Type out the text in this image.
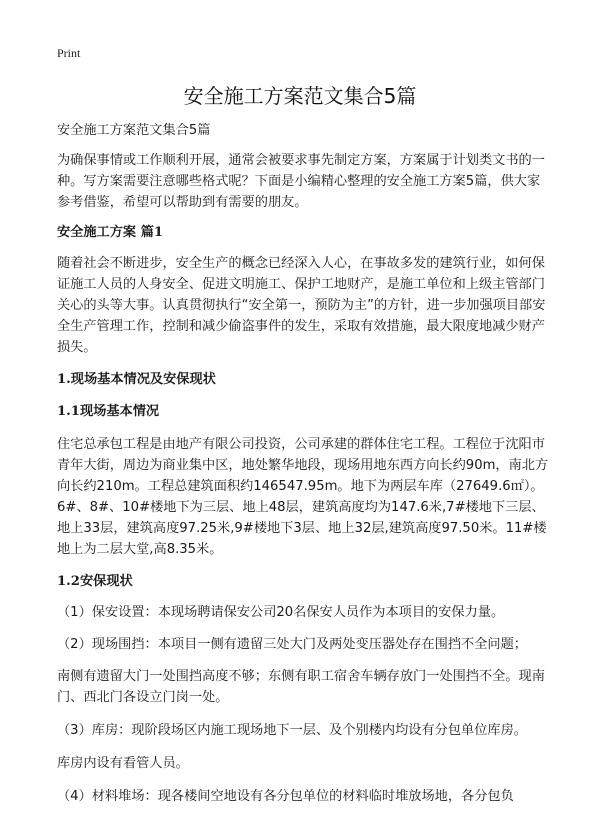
Print
安全施工方案范文集合5篇

安全施工方案范文集合5篇

为确保事情或工作顺利开展，通常会被要求事先制定方案，方案属于计划类文书的一种。写方案需要注意哪些格式呢？下面是小编精心整理的安全施工方案5篇，供大家参考借鉴，希望可以帮助到有需要的朋友。

安全施工方案 篇1

随着社会不断进步，安全生产的概念已经深入人心，在事故多发的建筑行业，如何保证施工人员的人身安全、促进文明施工、保护工地财产，是施工单位和上级主管部门关心的头等大事。认真贯彻执行“安全第一，预防为主”的方针，进一步加强项目部安全生产管理工作，控制和减少偷盗事件的发生，采取有效措施，最大限度地减少财产损失。

1.现场基本情况及安保现状

1.1现场基本情况

住宅总承包工程是由地产有限公司投资，公司承建的群体住宅工程。工程位于沈阳市青年大街，周边为商业集中区，地处繁华地段，现场用地东西方向长约90m，南北方向长约210m。工程总建筑面积约146547.95m。地下为两层车库（27649.6㎡）。6#、8#、10#楼地下为三层、地上48层，建筑高度均为147.6米,7#楼地下三层、地上33层，建筑高度97.25米,9#楼地下3层、地上32层,建筑高度97.50米。11#楼地上为二层大堂,高8.35米。

1.2安保现状

（1）保安设置：本现场聘请保安公司20名保安人员作为本项目的安保力量。

（2）现场围挡：本项目一侧有遗留三处大门及两处变压器处存在围挡不全问题；

南侧有遗留大门一处围挡高度不够；东侧有职工宿舍车辆存放门一处围挡不全。现南门、西北门各设立门岗一处。

（3）库房：现阶段场区内施工现场地下一层、及个别楼内均设有分包单位库房。

库房内设有看管人员。

（4）材料堆场：现各楼间空地设有各分包单位的材料临时堆放场地，各分包负
